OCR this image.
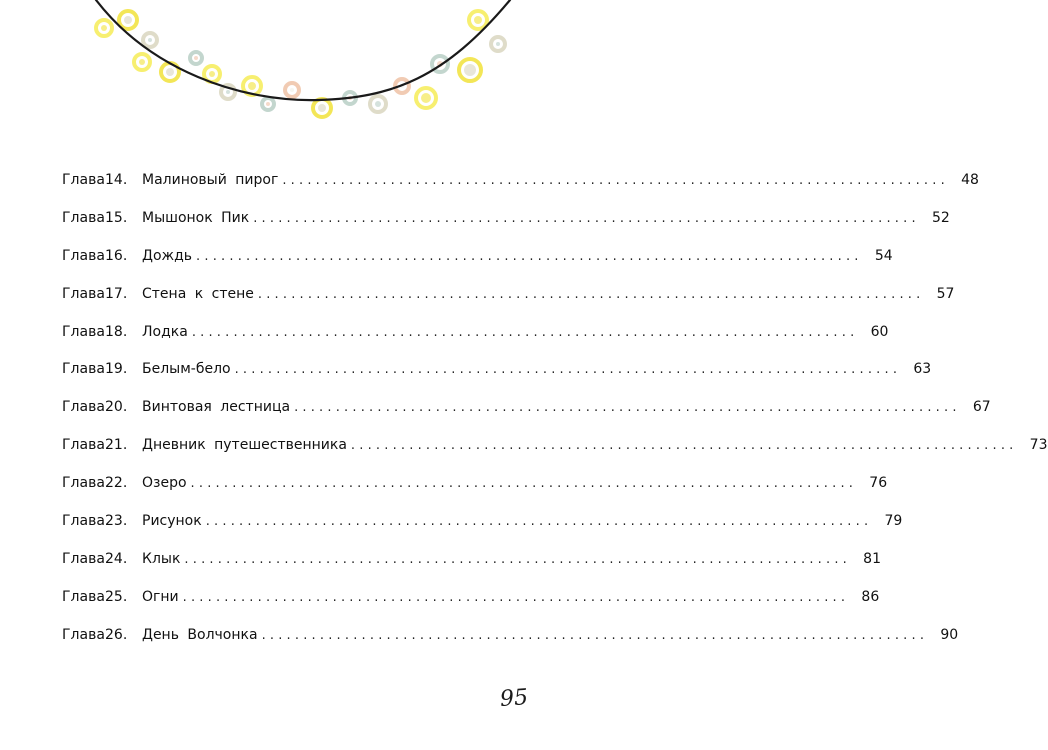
Глава 14.	Малиновый пирог ................................................................................ 48
Глава 15.	Мышонок Пик ................................................................................ 52
Глава 16.	Дождь ................................................................................ 54
Глава 17.	Стена к стене ................................................................................ 57
Глава 18.	Лодка ................................................................................ 60
Глава 19.	Белым-бело ................................................................................ 63
Глава 20.	Винтовая лестница ................................................................................ 67
Глава 21.	Дневник путешественника ................................................................................ 73
Глава 22.	Озеро ................................................................................ 76
Глава 23.	Рисунок ................................................................................ 79
Глава 24.	Клык ................................................................................ 81
Глава 25.	Огни ................................................................................ 86
Глава 26.	День Волчонка ................................................................................ 90
95
